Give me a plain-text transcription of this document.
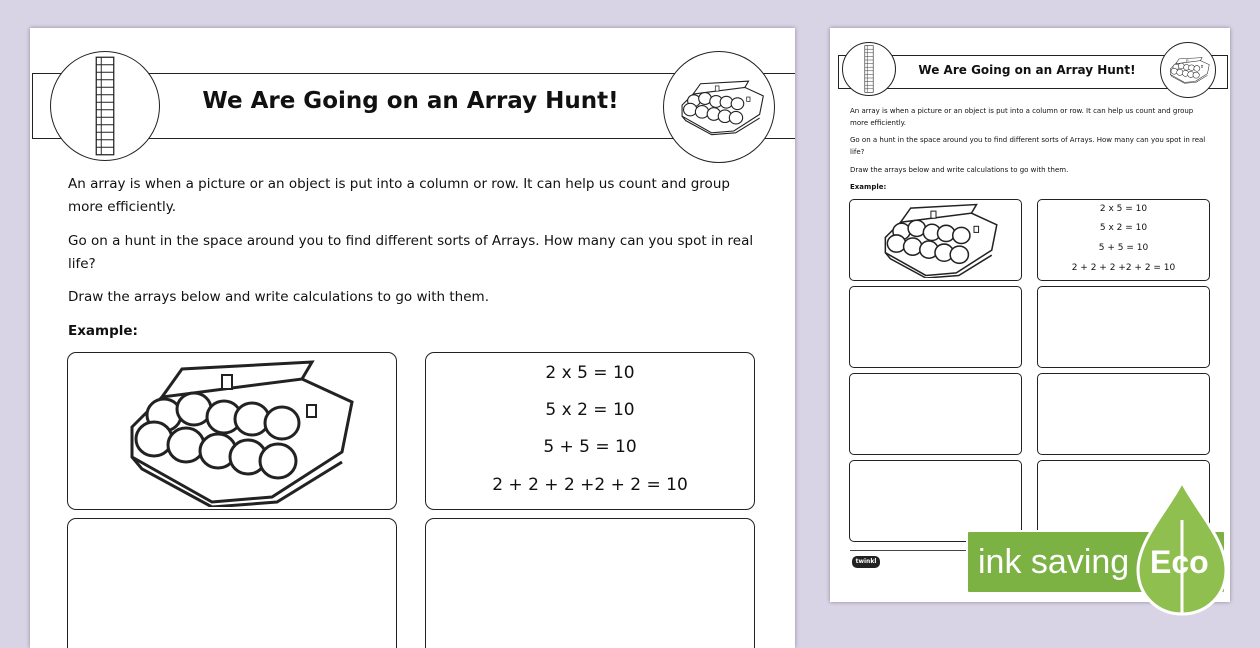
We Are Going on an Array Hunt!

An array is when a picture or an object is put into a column or row. It can help us count and group more efficiently.

Go on a hunt in the space around you to find different sorts of Arrays. How many can you spot in real life?

Draw the arrays below and write calculations to go with them.

Example:

2 x 5 = 10
5 x 2 = 10
5 + 5 = 10
2 + 2 + 2 +2 + 2 = 10
We Are Going on an Array Hunt!

An array is when a picture or an object is put into a column or row. It can help us count and group more efficiently.

Go on a hunt in the space around you to find different sorts of Arrays. How many can you spot in real life?

Draw the arrays below and write calculations to go with them.

Example:

2 x 5 = 10
5 x 2 = 10
5 + 5 = 10
2 + 2 + 2 +2 + 2 = 10
twinkl	ink saving Eco
